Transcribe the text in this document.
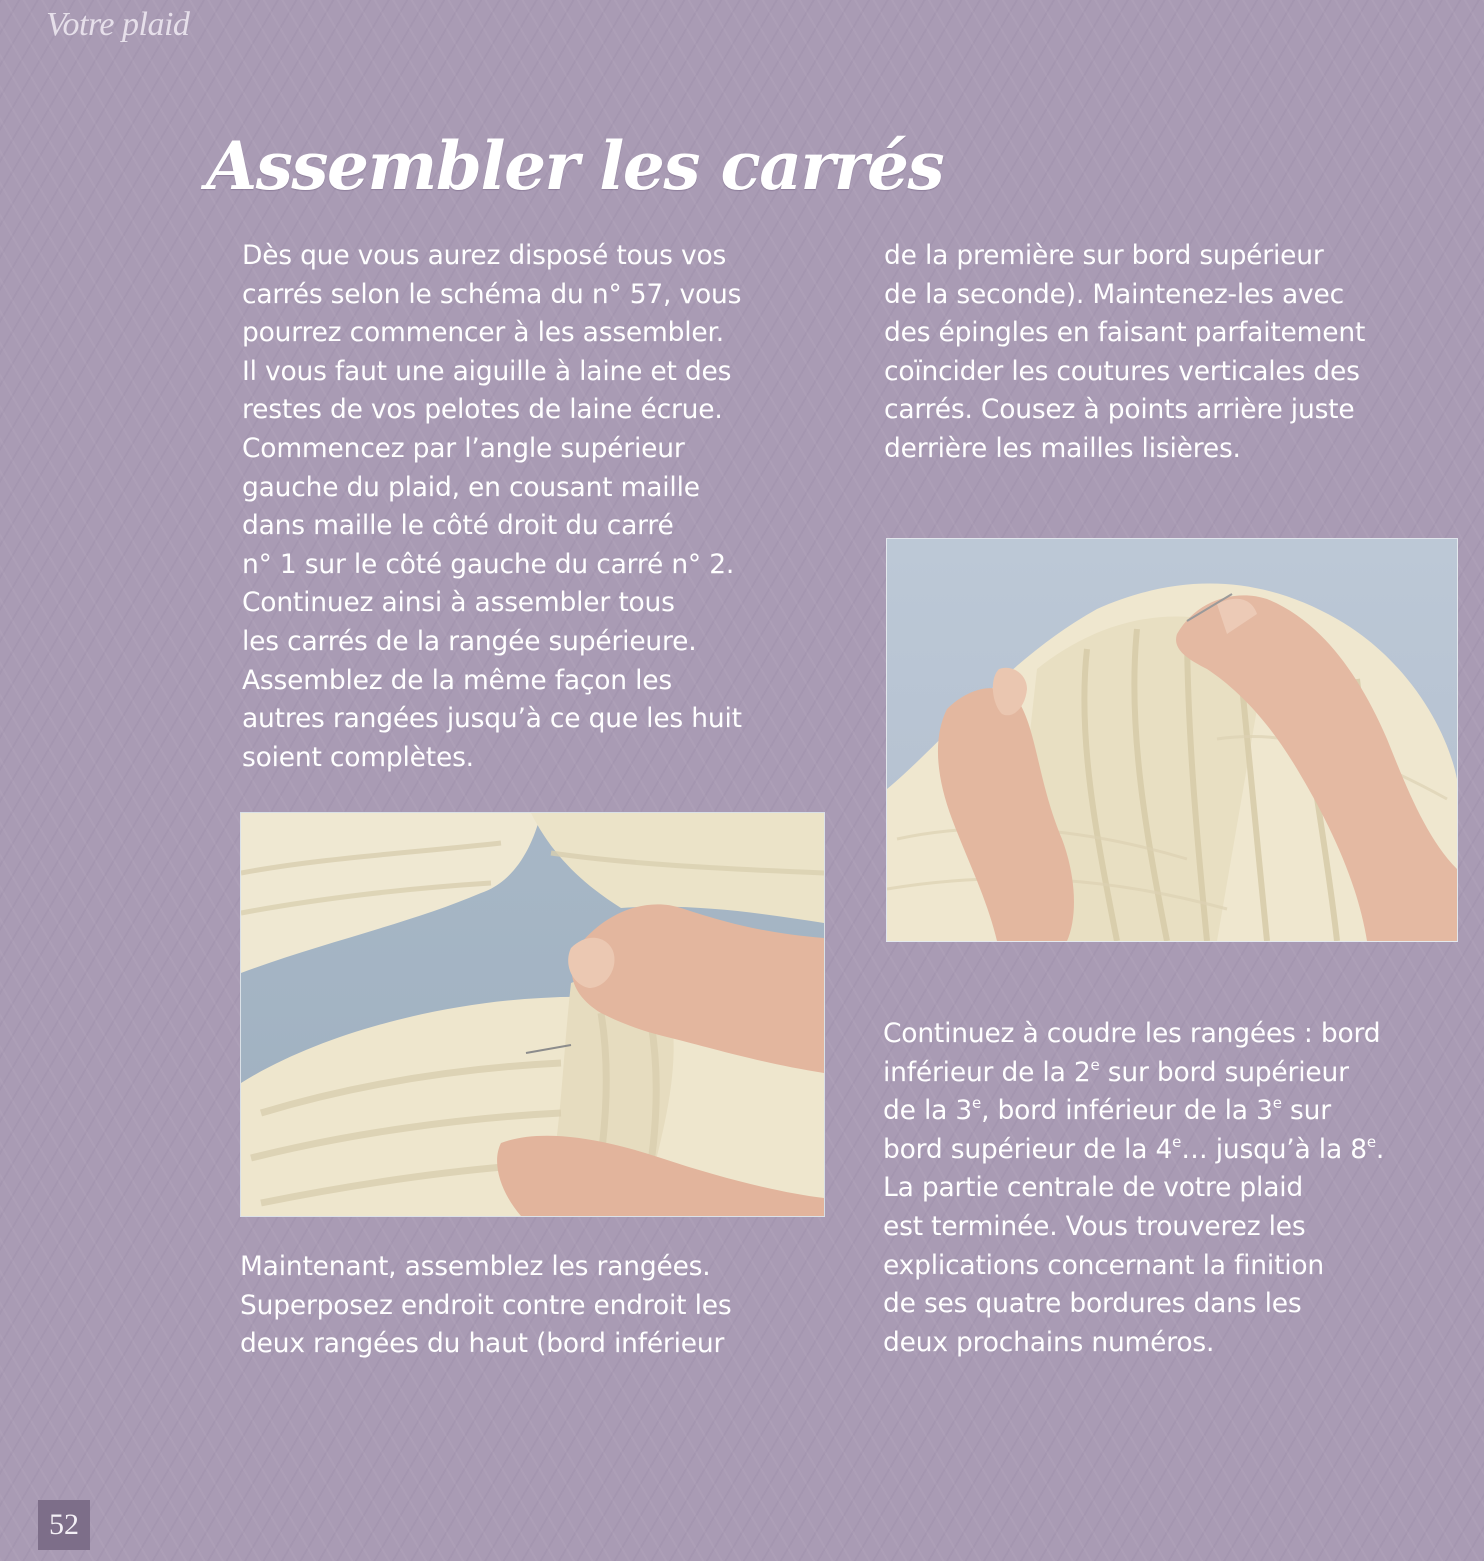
Votre plaid
Assembler les carrés

Dès que vous aurez disposé tous vos
carrés selon le schéma du n° 57, vous
pourrez commencer à les assembler.
Il vous faut une aiguille à laine et des
restes de vos pelotes de laine écrue.
Commencez par l’angle supérieur
gauche du plaid, en cousant maille
dans maille le côté droit du carré
n° 1 sur le côté gauche du carré n° 2.
Continuez ainsi à assembler tous
les carrés de la rangée supérieure.
Assemblez de la même façon les
autres rangées jusqu’à ce que les huit
soient complètes.

de la première sur bord supérieur
de la seconde). Maintenez-les avec
des épingles en faisant parfaitement
coïncider les coutures verticales des
carrés. Cousez à points arrière juste
derrière les mailles lisières.

Maintenant, assemblez les rangées.
Superposez endroit contre endroit les
deux rangées du haut (bord inférieur

Continuez à coudre les rangées : bord
inférieur de la 2e sur bord supérieur
de la 3e, bord inférieur de la 3e sur
bord supérieur de la 4e… jusqu’à la 8e.
La partie centrale de votre plaid
est terminée. Vous trouverez les
explications concernant la finition
de ses quatre bordures dans les
deux prochains numéros.
52
